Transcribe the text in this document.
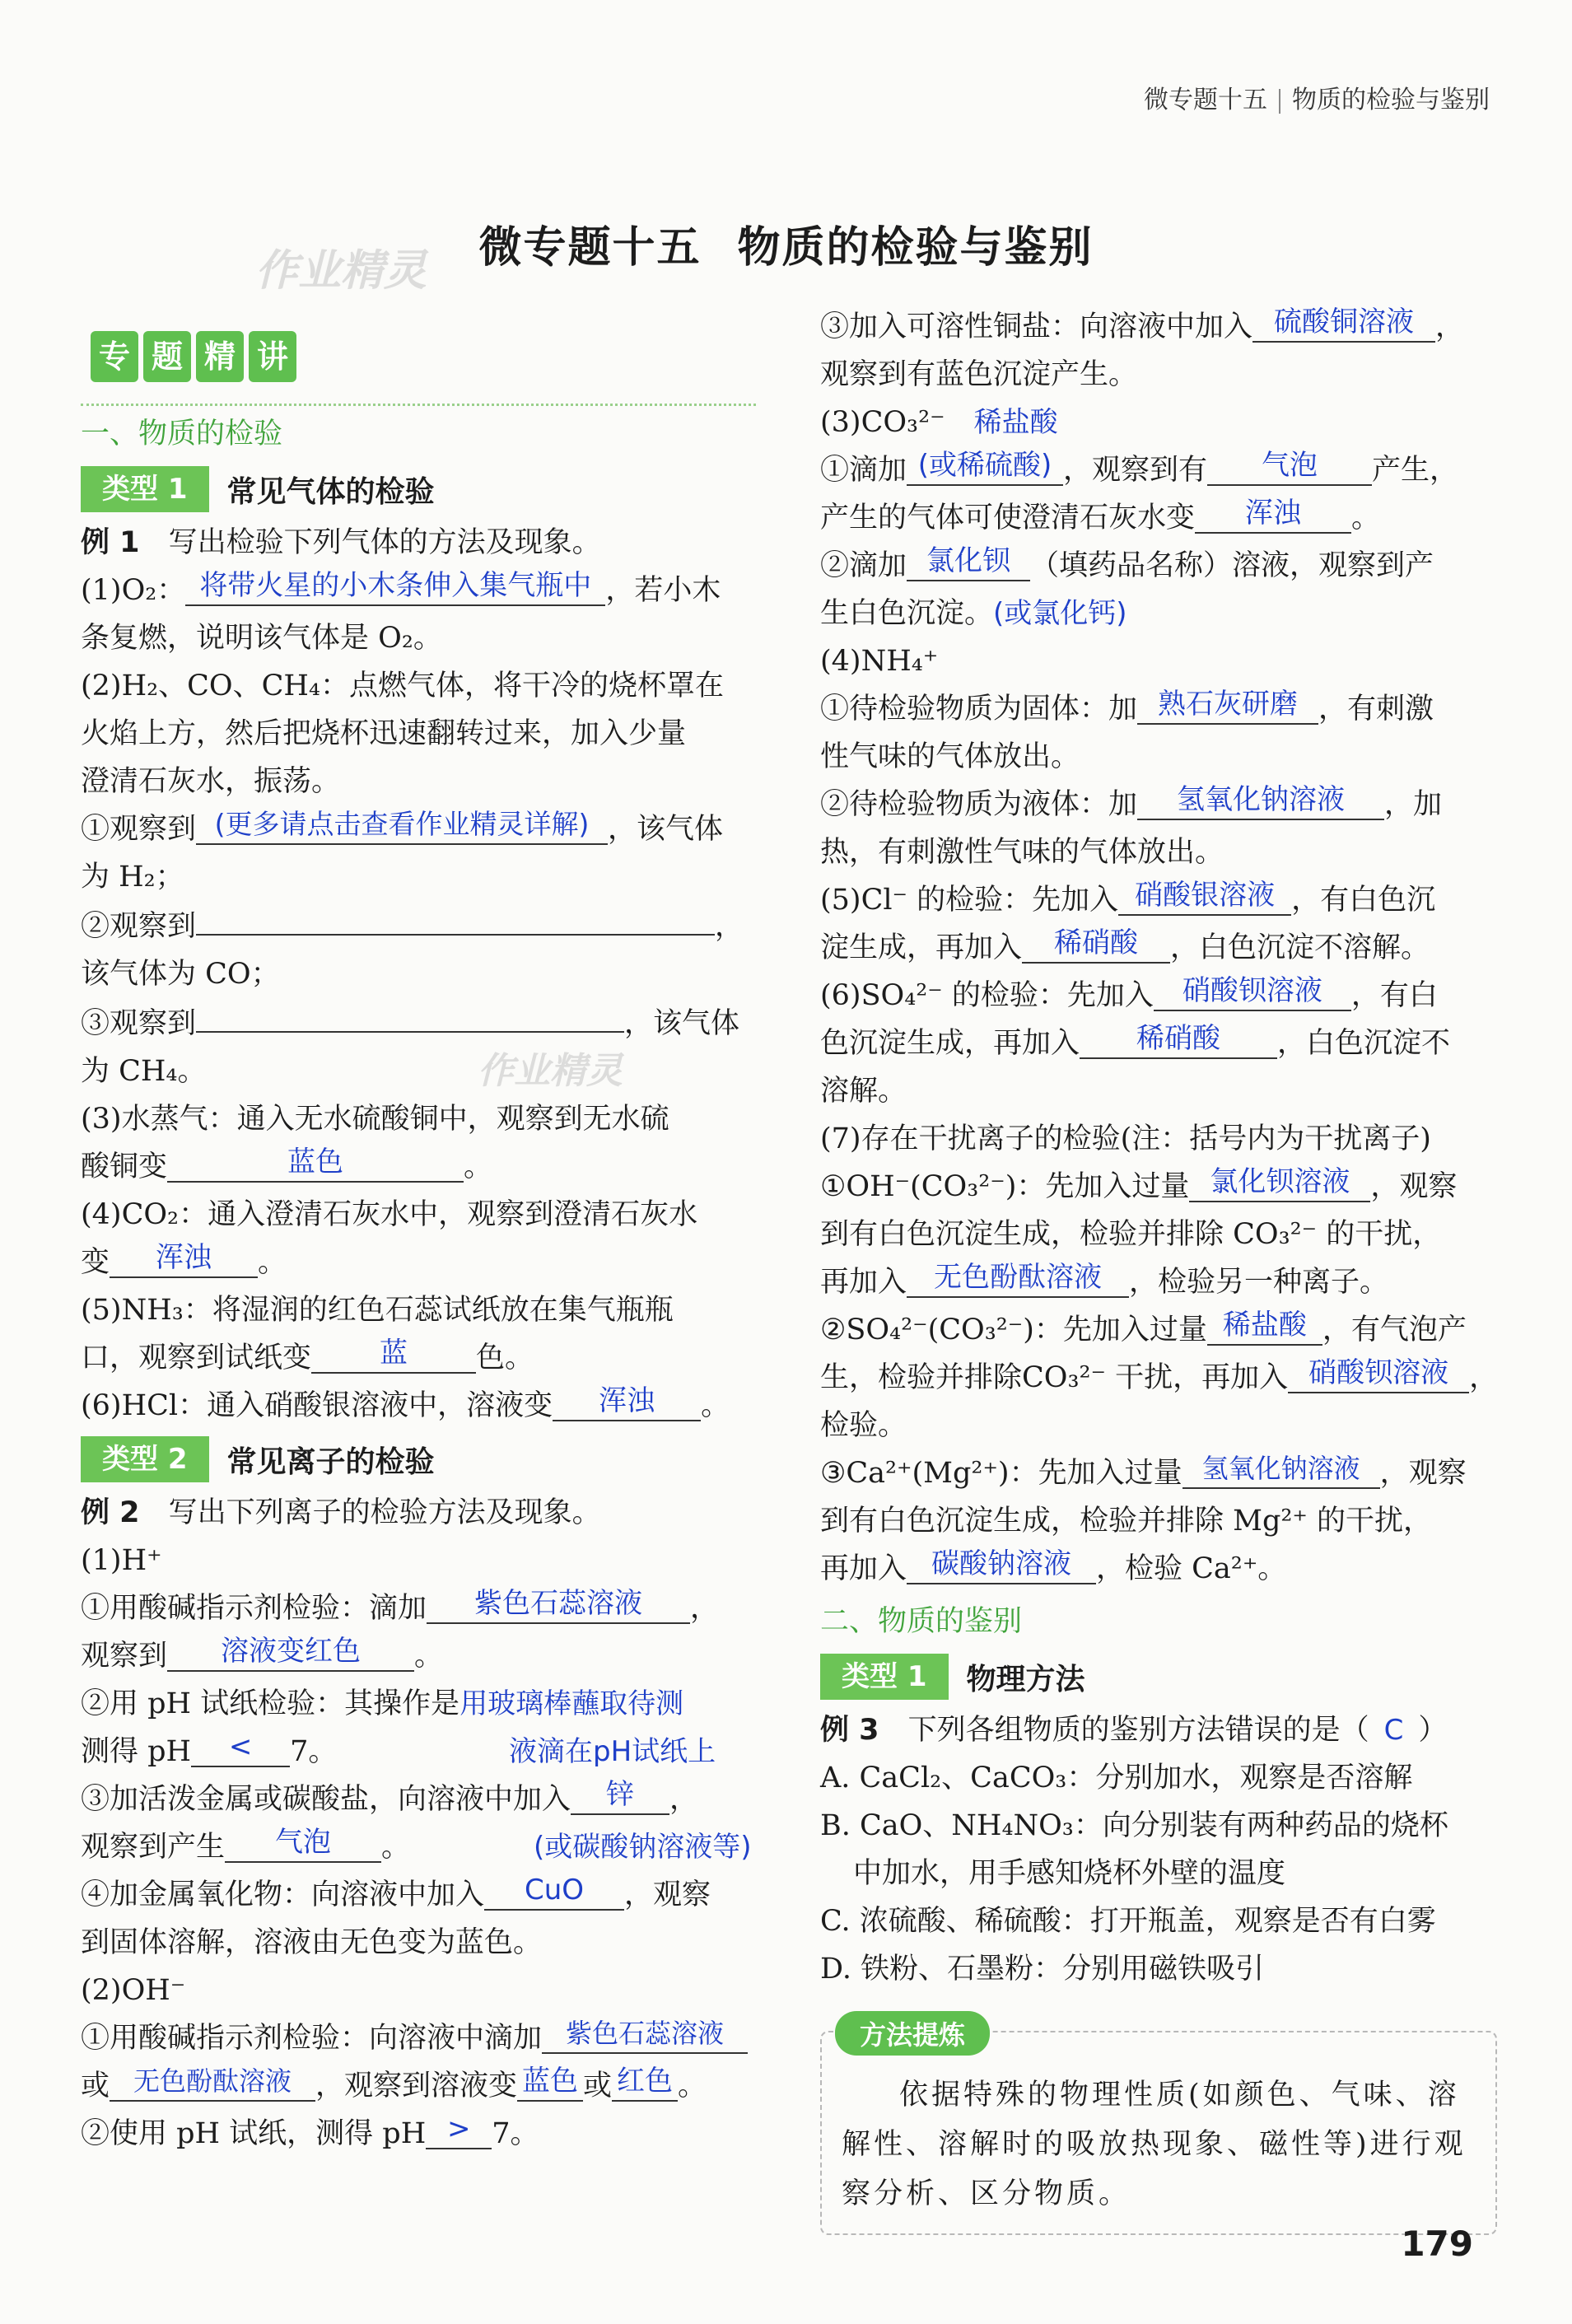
微专题十五 物质的检验与鉴别
作业精灵
作业精灵
微专题十五 物质的检验与鉴别
专 题 精 讲
一、物质的检验
类型 1	常见气体的检验
例 1　 写出检验下列气体的方法及现象。
(1)O₂： 将带火星的小木条伸入集气瓶中 ，若小木
条复燃，说明该气体是 O₂。
(2)H₂、CO、CH₄：点燃气体，将干冷的烧杯罩在
火焰上方，然后把烧杯迅速翻转过来，加入少量
澄清石灰水，振荡。
①观察到 (更多请点击查看作业精灵详解) ，该气体
为 H₂；
②观察到	，
该气体为 CO；
③观察到	，该气体
为 CH₄。
(3)水蒸气：通入无水硫酸铜中，观察到无水硫
酸铜变	蓝色	。
(4)CO₂：通入澄清石灰水中，观察到澄清石灰水
变 浑浊 。
(5)NH₃：将湿润的红色石蕊试纸放在集气瓶瓶
口，观察到试纸变 蓝 色。
(6)HCl：通入硝酸银溶液中，溶液变 浑浊 。
类型 2	常见离子的检验
例 2　 写出下列离子的检验方法及现象。
(1)H⁺
①用酸碱指示剂检验：滴加 紫色石蕊溶液 ，
观察到 溶液变红色 。
②用 pH 试纸检验：其操作是用玻璃棒蘸取待测
测得 pH < 7。	液滴在pH试纸上
③加活泼金属或碳酸盐，向溶液中加入 锌 ，
观察到产生 气泡 。	(或碳酸钠溶液等)
④加金属氧化物：向溶液中加入 CuO ，观察
到固体溶解，溶液由无色变为蓝色。
(2)OH⁻
①用酸碱指示剂检验：向溶液中滴加 紫色石蕊溶液
或 无色酚酞溶液 ，观察到溶液变 蓝色 或 红色 。
②使用 pH 试纸，测得 pH > 7。
③加入可溶性铜盐：向溶液中加入 硫酸铜溶液 ，
观察到有蓝色沉淀产生。
(3)CO₃²⁻　 稀盐酸
①滴加 (或稀硫酸) ，观察到有 气泡 产生，
产生的气体可使澄清石灰水变 浑浊 。
②滴加 氯化钡 （填药品名称）溶液，观察到产
生白色沉淀。(或氯化钙)
(4)NH₄⁺
①待检验物质为固体：加 熟石灰研磨 ，有刺激
性气味的气体放出。
②待检验物质为液体：加 氢氧化钠溶液 ，加
热，有刺激性气味的气体放出。
(5)Cl⁻ 的检验：先加入 硝酸银溶液 ，有白色沉
淀生成，再加入 稀硝酸 ，白色沉淀不溶解。
(6)SO₄²⁻ 的检验：先加入 硝酸钡溶液 ，有白
色沉淀生成，再加入 稀硝酸 ，白色沉淀不
溶解。
(7)存在干扰离子的检验(注：括号内为干扰离子)
①OH⁻(CO₃²⁻)：先加入过量 氯化钡溶液 ，观察
到有白色沉淀生成，检验并排除 CO₃²⁻ 的干扰，
再加入 无色酚酞溶液 ，检验另一种离子。
②SO₄²⁻(CO₃²⁻)：先加入过量 稀盐酸 ，有气泡产
生，检验并排除CO₃²⁻ 干扰，再加入 硝酸钡溶液 ，
检验。
③Ca²⁺(Mg²⁺)：先加入过量 氢氧化钠溶液 ，观察
到有白色沉淀生成，检验并排除 Mg²⁺ 的干扰，
再加入 碳酸钠溶液 ，检验 Ca²⁺。
二、物质的鉴别
类型 1	物理方法
例 3　 下列各组物质的鉴别方法错误的是（ C ）
A. CaCl₂、CaCO₃：分别加水，观察是否溶解
B. CaO、NH₄NO₃：向分别装有两种药品的烧杯
中加水，用手感知烧杯外壁的温度
C. 浓硫酸、稀硫酸：打开瓶盖，观察是否有白雾
D. 铁粉、石墨粉：分别用磁铁吸引
方法提炼

依据特殊的物理性质(如颜色、气味、溶解性、溶解时的吸放热现象、磁性等)进行观察分析、区分物质。

179
